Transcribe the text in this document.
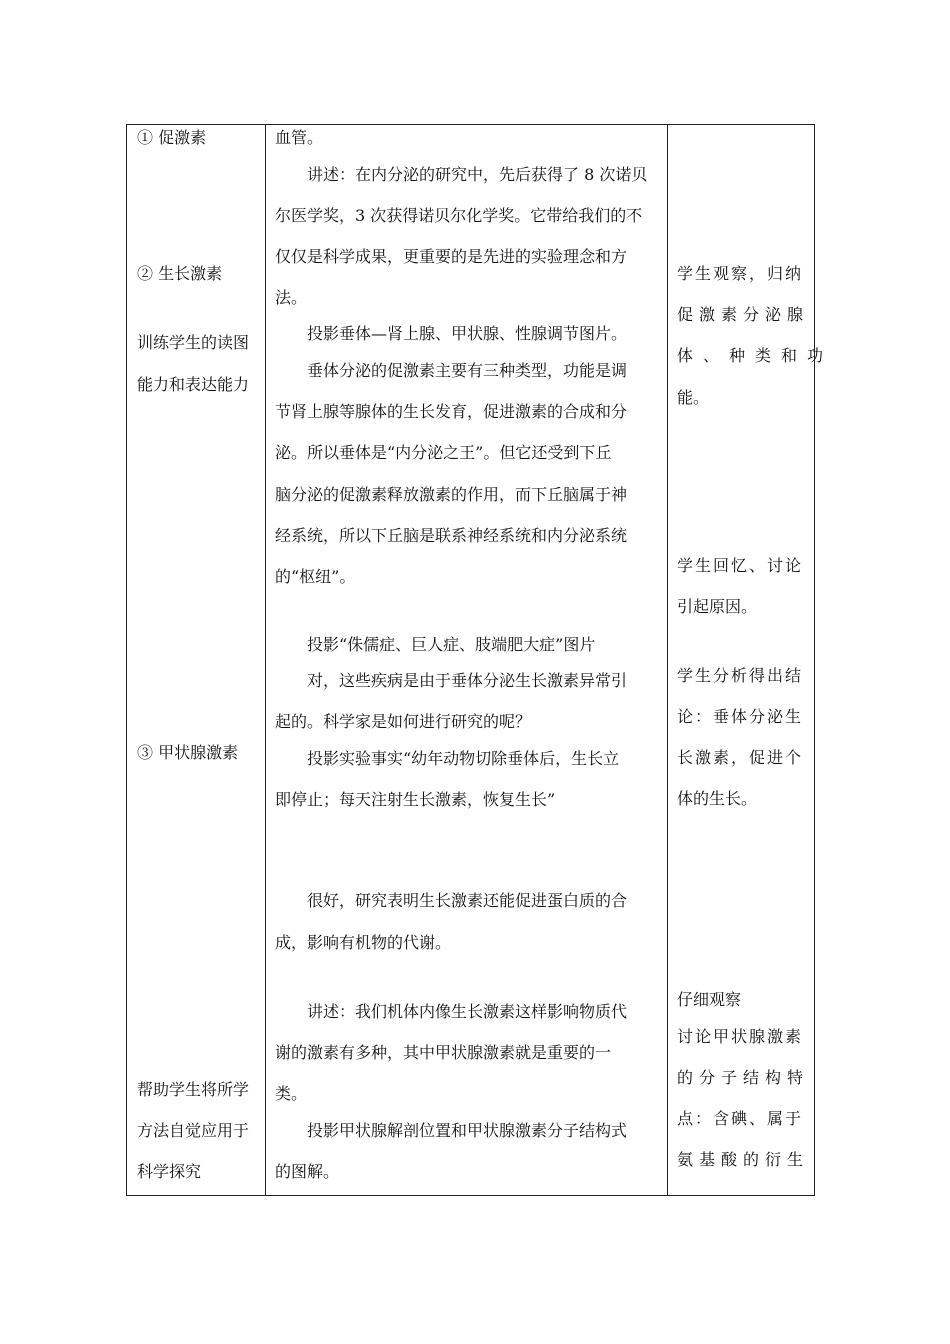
① 促激素
② 生长激素
训练学生的读图
能力和表达能力
③ 甲状腺激素
帮助学生将所学
方法自觉应用于
科学探究
血管。
讲述：在内分泌的研究中，先后获得了 8 次诺贝
尔医学奖，3 次获得诺贝尔化学奖。它带给我们的不
仅仅是科学成果，更重要的是先进的实验理念和方
法。
投影垂体—肾上腺、甲状腺、性腺调节图片。
垂体分泌的促激素主要有三种类型，功能是调
节肾上腺等腺体的生长发育，促进激素的合成和分
泌。所以垂体是“内分泌之王”。但它还受到下丘
脑分泌的促激素释放激素的作用，而下丘脑属于神
经系统，所以下丘脑是联系神经系统和内分泌系统
的“枢纽”。
投影“侏儒症、巨人症、肢端肥大症”图片
对，这些疾病是由于垂体分泌生长激素异常引
起的。科学家是如何进行研究的呢？
投影实验事实“幼年动物切除垂体后，生长立
即停止；每天注射生长激素，恢复生长”
很好，研究表明生长激素还能促进蛋白质的合
成，影响有机物的代谢。
讲述：我们机体内像生长激素这样影响物质代
谢的激素有多种，其中甲状腺激素就是重要的一
类。
投影甲状腺解剖位置和甲状腺激素分子结构式
的图解。
学生观察，归纳
促激素分泌腺
体、种类和功
能。
学生回忆、讨论
引起原因。
学生分析得出结
论：垂体分泌生
长激素，促进个
体的生长。
仔细观察
讨论甲状腺激素
的分子结构特
点：含碘、属于
氨基酸的衍生
